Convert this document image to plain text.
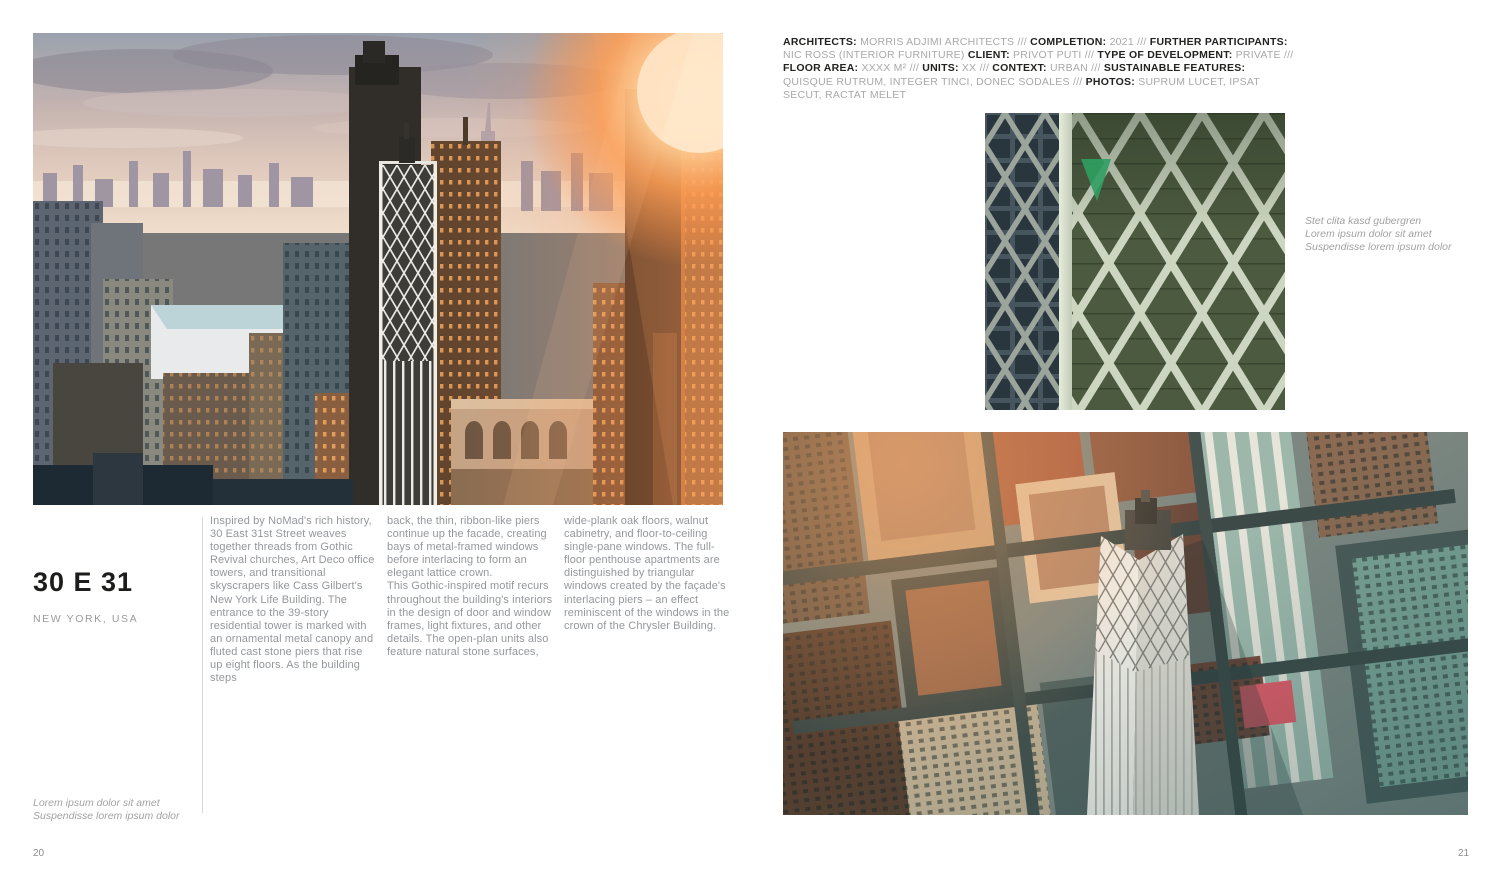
30 E 31
NEW YORK, USA

Inspired by NoMad's rich history, 30 East 31st Street weaves together threads from Gothic Revival churches, Art Deco office towers, and transitional skyscrapers like Cass Gilbert's New York Life Building. The entrance to the 39-story residential tower is marked with an ornamental metal canopy and fluted cast stone piers that rise up eight floors. As the building steps

back, the thin, ribbon-like piers continue up the facade, creating bays of metal-framed windows before interlacing to form an elegant lattice crown.

This Gothic-inspired motif recurs throughout the building's interiors in the design of door and window frames, light fixtures, and other details. The open-plan units also feature natural stone surfaces,

wide-plank oak floors, walnut cabinetry, and floor-to-ceiling single-pane windows. The full-floor penthouse apartments are distinguished by triangular windows created by the façade's interlacing piers – an effect reminiscent of the windows in the crown of the Chrysler Building.

Lorem ipsum dolor sit amet
Suspendisse lorem ipsum dolor
20

ARCHITECTS: MORRIS ADJIMI ARCHITECTS /// COMPLETION: 2021 /// FURTHER PARTICIPANTS: NIC ROSS (INTERIOR FURNITURE) CLIENT: PRIVOT PUTI /// TYPE OF DEVELOPMENT: PRIVATE /// FLOOR AREA: XXXX M² /// UNITS: XX /// CONTEXT: URBAN /// SUSTAINABLE FEATURES: QUISQUE RUTRUM, INTEGER TINCI, DONEC SODALES /// PHOTOS: SUPRUM LUCET, IPSAT SECUT, RACTAT MELET

Stet clita kasd gubergren
Lorem ipsum dolor sit amet
Suspendisse lorem ipsum dolor
21
